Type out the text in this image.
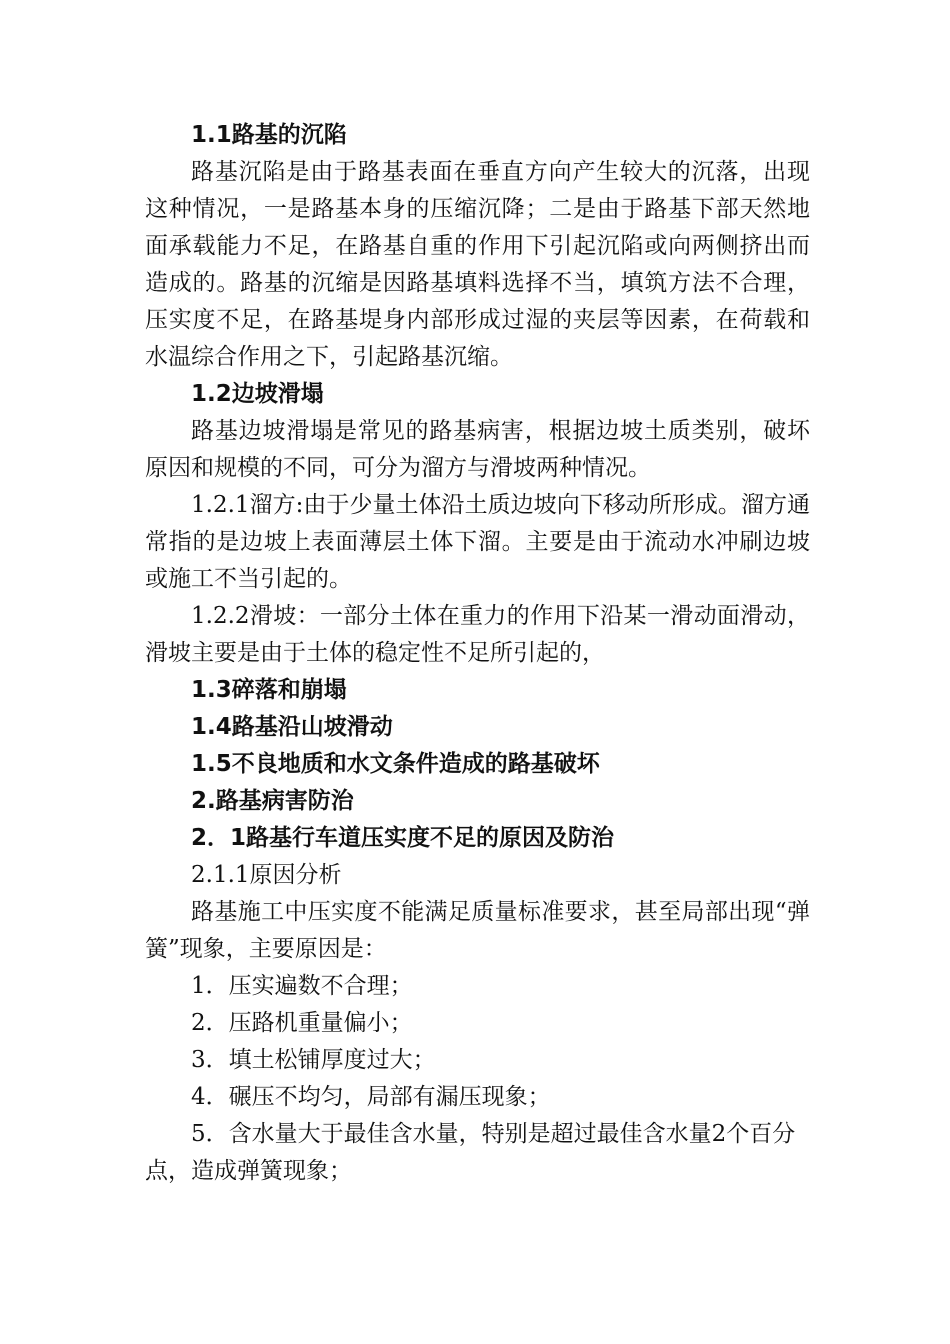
1.1路基的沉陷

路基沉陷是由于路基表面在垂直方向产生较大的沉落，出现这种情况，一是路基本身的压缩沉降；二是由于路基下部天然地面承载能力不足，在路基自重的作用下引起沉陷或向两侧挤出而造成的。路基的沉缩是因路基填料选择不当，填筑方法不合理，压实度不足，在路基堤身内部形成过湿的夹层等因素，在荷载和水温综合作用之下，引起路基沉缩。

1.2边坡滑塌

路基边坡滑塌是常见的路基病害，根据边坡土质类别，破坏原因和规模的不同，可分为溜方与滑坡两种情况。

1.2.1溜方:由于少量土体沿土质边坡向下移动所形成。溜方通常指的是边坡上表面薄层土体下溜。主要是由于流动水冲刷边坡或施工不当引起的。

1.2.2滑坡：一部分土体在重力的作用下沿某一滑动面滑动，滑坡主要是由于土体的稳定性不足所引起的，

1.3碎落和崩塌

1.4路基沿山坡滑动

1.5不良地质和水文条件造成的路基破坏

2.路基病害防治

2．1路基行车道压实度不足的原因及防治

2.1.1原因分析

路基施工中压实度不能满足质量标准要求，甚至局部出现“弹簧”现象，主要原因是：

1．压实遍数不合理；

2．压路机重量偏小；

3．填土松铺厚度过大；

4．碾压不均匀，局部有漏压现象；

5．含水量大于最佳含水量，特别是超过最佳含水量2个百分点，造成弹簧现象；
